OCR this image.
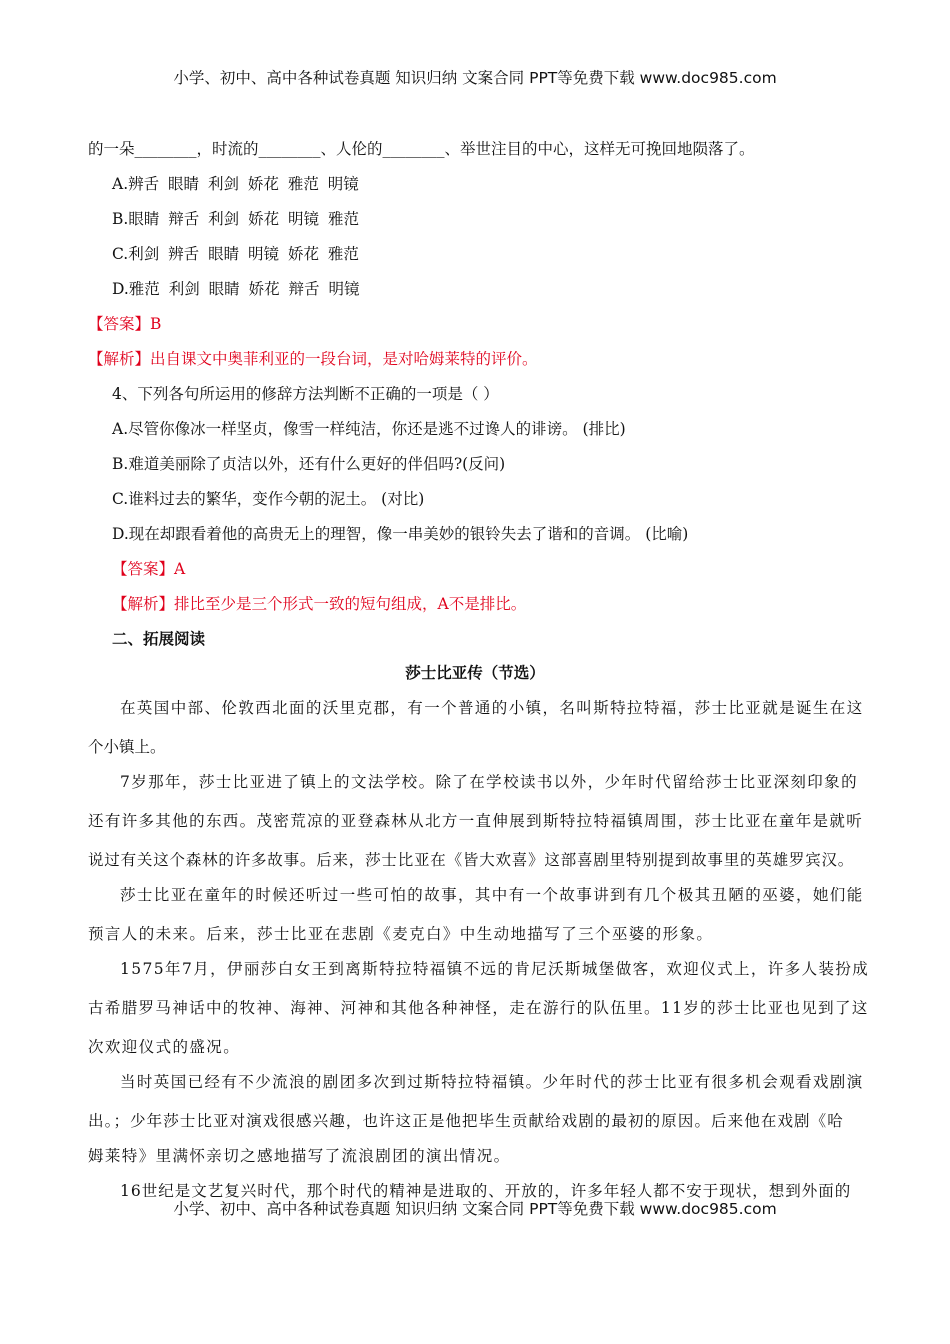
小学、初中、高中各种试卷真题 知识归纳 文案合同 PPT等免费下载 www.doc985.com
的一朵________，时流的________、人伦的________、举世注目的中心，这样无可挽回地陨落了。
A.辨舌 眼睛 利剑 娇花 雅范 明镜
B.眼睛 辩舌 利剑 娇花 明镜 雅范
C.利剑 辨舌 眼睛 明镜 娇花 雅范
D.雅范 利剑 眼睛 娇花 辩舌 明镜
【答案】B
【解析】出自课文中奥菲利亚的一段台词，是对哈姆莱特的评价。
4、下列各句所运用的修辞方法判断不正确的一项是（ ）
A.尽管你像冰一样坚贞，像雪一样纯洁，你还是逃不过谗人的诽谤。 (排比)
B.难道美丽除了贞洁以外，还有什么更好的伴侣吗?(反问)
C.谁料过去的繁华，变作今朝的泥土。 (对比)
D.现在却跟看着他的高贵无上的理智，像一串美妙的银铃失去了谐和的音调。 (比喻)
【答案】A
【解析】排比至少是三个形式一致的短句组成，A不是排比。
二、拓展阅读
莎士比亚传（节选）
在英国中部、伦敦西北面的沃里克郡，有一个普通的小镇，名叫斯特拉特福，莎士比亚就是诞生在这
个小镇上。
7岁那年，莎士比亚进了镇上的文法学校。除了在学校读书以外，少年时代留给莎士比亚深刻印象的
还有许多其他的东西。茂密荒凉的亚登森林从北方一直伸展到斯特拉特福镇周围，莎士比亚在童年是就听
说过有关这个森林的许多故事。后来，莎士比亚在《皆大欢喜》这部喜剧里特别提到故事里的英雄罗宾汉。
莎士比亚在童年的时候还听过一些可怕的故事，其中有一个故事讲到有几个极其丑陋的巫婆，她们能
预言人的未来。后来，莎士比亚在悲剧《麦克白》中生动地描写了三个巫婆的形象。
1575年7月，伊丽莎白女王到离斯特拉特福镇不远的肯尼沃斯城堡做客，欢迎仪式上，许多人装扮成
古希腊罗马神话中的牧神、海神、河神和其他各种神怪，走在游行的队伍里。11岁的莎士比亚也见到了这
次欢迎仪式的盛况。
当时英国已经有不少流浪的剧团多次到过斯特拉特福镇。少年时代的莎士比亚有很多机会观看戏剧演
出。；少年莎士比亚对演戏很感兴趣，也许这正是他把毕生贡献给戏剧的最初的原因。后来他在戏剧《哈
姆莱特》里满怀亲切之感地描写了流浪剧团的演出情况。
16世纪是文艺复兴时代，那个时代的精神是进取的、开放的，许多年轻人都不安于现状，想到外面的
小学、初中、高中各种试卷真题 知识归纳 文案合同 PPT等免费下载 www.doc985.com
